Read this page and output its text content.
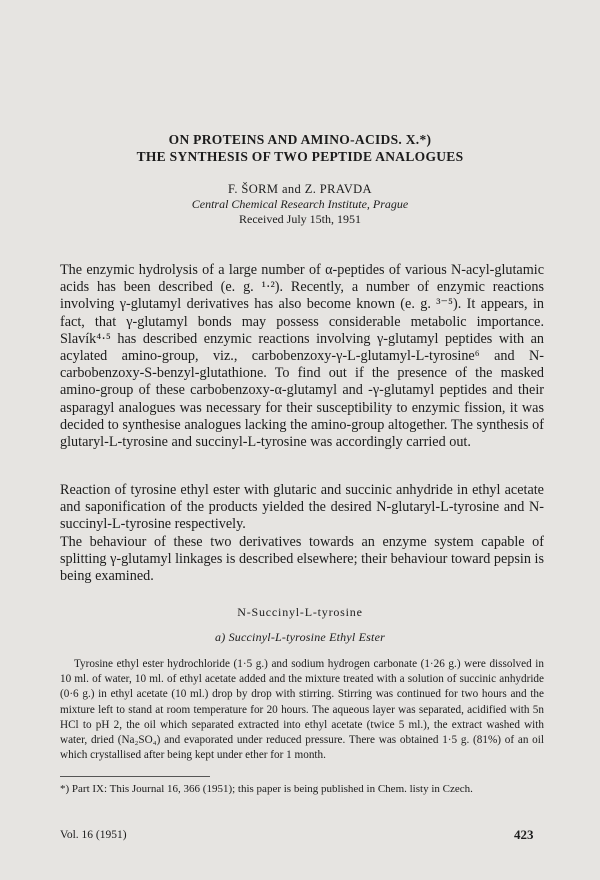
ON PROTEINS AND AMINO-ACIDS. X.*)
THE SYNTHESIS OF TWO PEPTIDE ANALOGUES
F. ŠORM and Z. PRAVDA
Central Chemical Research Institute, Prague
Received July 15th, 1951

The enzymic hydrolysis of a large number of α-peptides of various N-acyl-glutamic acids has been described (e. g. ¹·²). Recently, a number of enzymic reactions involving γ-glutamyl derivatives has also become known (e. g. ³⁻⁵). It appears, in fact, that γ-glutamyl bonds may possess considerable metabolic importance. Slavík⁴·⁵ has described enzymic reactions involving γ-glutamyl peptides with an acylated amino-group, viz., carbobenzoxy-γ-L-glutamyl-L-tyrosine⁶ and N-carbobenzoxy-S-benzyl-glutathione. To find out if the presence of the masked amino-group of these carbobenzoxy-α-glutamyl and -γ-glutamyl peptides and their asparagyl analogues was necessary for their susceptibility to enzymic fission, it was decided to synthesise analogues lacking the amino-group altogether. The synthesis of glutaryl-L-tyrosine and succinyl-L-tyrosine was accordingly carried out.

Reaction of tyrosine ethyl ester with glutaric and succinic anhydride in ethyl acetate and saponification of the products yielded the desired N-glutaryl-L-tyrosine and N-succinyl-L-tyrosine respectively.

The behaviour of these two derivatives towards an enzyme system capable of splitting γ-glutamyl linkages is described elsewhere; their behaviour toward pepsin is being examined.

N-Succinyl-L-tyrosine
a) Succinyl-L-tyrosine Ethyl Ester

Tyrosine ethyl ester hydrochloride (1·5 g.) and sodium hydrogen carbonate (1·26 g.) were dissolved in 10 ml. of water, 10 ml. of ethyl acetate added and the mixture treated with a solution of succinic anhydride (0·6 g.) in ethyl acetate (10 ml.) drop by drop with stirring. Stirring was continued for two hours and the mixture left to stand at room temperature for 20 hours. The aqueous layer was separated, acidified with 5n HCl to pH 2, the oil which separated extracted into ethyl acetate (twice 5 ml.), the extract washed with water, dried (Na₂SO₄) and evaporated under reduced pressure. There was obtained 1·5 g. (81%) of an oil which crystallised after being kept under ether for 1 month.

*) Part IX: This Journal 16, 366 (1951); this paper is being published in Chem. listy in Czech.

Vol. 16 (1951)	423
